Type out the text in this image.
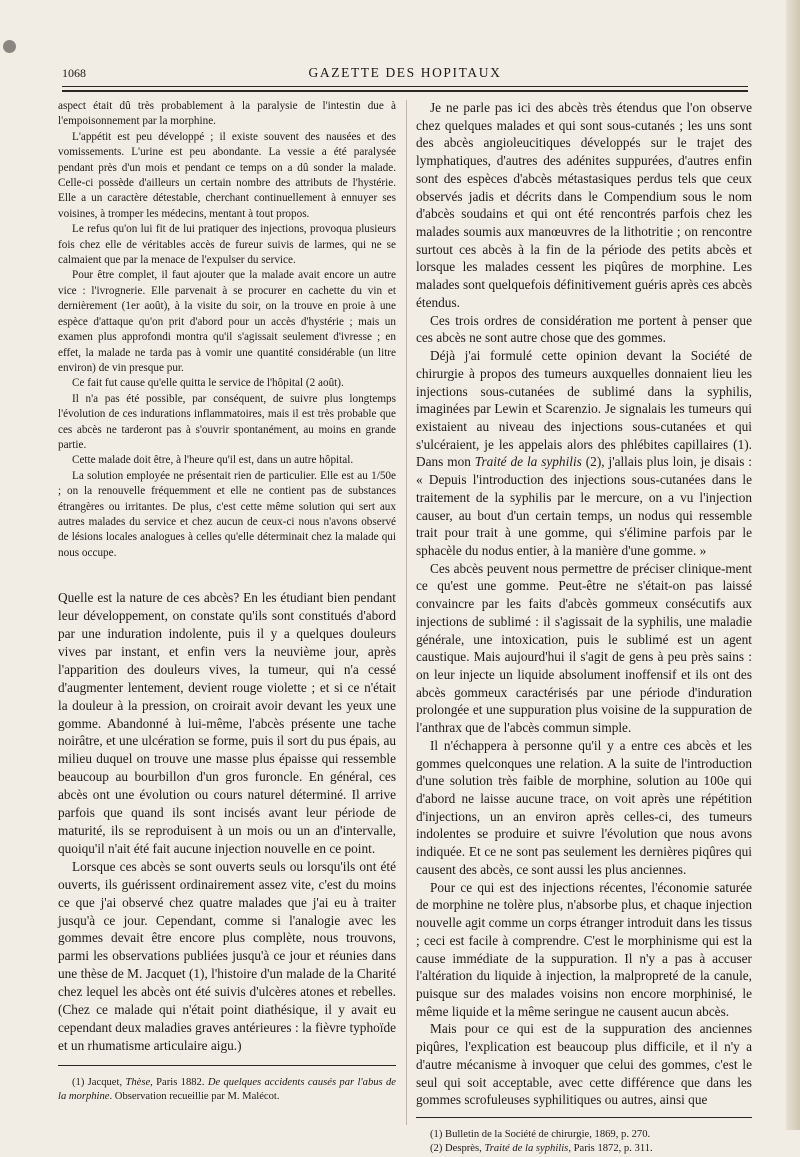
1068	GAZETTE DES HOPITAUX

aspect était dû très probablement à la paralysie de l'intestin due à l'empoisonnement par la morphine.

L'appétit est peu développé ; il existe souvent des nausées et des vomissements. L'urine est peu abondante. La vessie a été paralysée pendant près d'un mois et pendant ce temps on a dû sonder la malade. Celle-ci possède d'ailleurs un certain nombre des attributs de l'hystérie. Elle a un caractère détestable, cherchant continuellement à ennuyer ses voisines, à tromper les médecins, mentant à tout propos.

Le refus qu'on lui fit de lui pratiquer des injections, provoqua plusieurs fois chez elle de véritables accès de fureur suivis de larmes, qui ne se calmaient que par la menace de l'expulser du service.

Pour être complet, il faut ajouter que la malade avait encore un autre vice : l'ivrognerie. Elle parvenait à se procurer en cachette du vin et dernièrement (1er août), à la visite du soir, on la trouve en proie à une espèce d'attaque qu'on prit d'abord pour un accès d'hystérie ; mais un examen plus approfondi montra qu'il s'agissait seulement d'ivresse ; en effet, la malade ne tarda pas à vomir une quantité considérable (un litre environ) de vin presque pur.

Ce fait fut cause qu'elle quitta le service de l'hôpital (2 août).

Il n'a pas été possible, par conséquent, de suivre plus longtemps l'évolution de ces indurations inflammatoires, mais il est très probable que ces abcès ne tarderont pas à s'ouvrir spontanément, au moins en grande partie.

Cette malade doit être, à l'heure qu'il est, dans un autre hôpital.

La solution employée ne présentait rien de particulier. Elle est au 1/50e ; on la renouvelle fréquemment et elle ne contient pas de substances étrangères ou irritantes. De plus, c'est cette même solution qui sert aux autres malades du service et chez aucun de ceux-ci nous n'avons observé de lésions locales analogues à celles qu'elle déterminait chez la malade qui nous occupe.

Quelle est la nature de ces abcès? En les étudiant bien pendant leur développement, on constate qu'ils sont constitués d'abord par une induration indolente, puis il y a quelques douleurs vives par instant, et enfin vers la neuvième jour, après l'apparition des douleurs vives, la tumeur, qui n'a cessé d'augmenter lentement, devient rouge violette ; et si ce n'était la douleur à la pression, on croirait avoir devant les yeux une gomme. Abandonné à lui-même, l'abcès présente une tache noirâtre, et une ulcération se forme, puis il sort du pus épais, au milieu duquel on trouve une masse plus épaisse qui ressemble beaucoup au bourbillon d'un gros furoncle. En général, ces abcès ont une évolution ou cours naturel déterminé. Il arrive parfois que quand ils sont incisés avant leur période de maturité, ils se reproduisent à un mois ou un an d'intervalle, quoiqu'il n'ait été fait aucune injection nouvelle en ce point.

Lorsque ces abcès se sont ouverts seuls ou lorsqu'ils ont été ouverts, ils guérissent ordinairement assez vite, c'est du moins ce que j'ai observé chez quatre malades que j'ai eu à traiter jusqu'à ce jour. Cependant, comme si l'analogie avec les gommes devait être encore plus complète, nous trouvons, parmi les observations publiées jusqu'à ce jour et réunies dans une thèse de M. Jacquet (1), l'histoire d'un malade de la Charité chez lequel les abcès ont été suivis d'ulcères atones et rebelles. (Chez ce malade qui n'était point diathésique, il y avait eu cependant deux maladies graves antérieures : la fièvre typhoïde et un rhumatisme articulaire aigu.)

(1) Jacquet, Thèse, Paris 1882. De quelques accidents causés par l'abus de la morphine. Observation recueillie par M. Malécot.

Je ne parle pas ici des abcès très étendus que l'on observe chez quelques malades et qui sont sous-cutanés ; les uns sont des abcès angioleucitiques développés sur le trajet des lymphatiques, d'autres des adénites suppurées, d'autres enfin sont des espèces d'abcès métastasiques perdus tels que ceux observés jadis et décrits dans le Compendium sous le nom d'abcès soudains et qui ont été rencontrés parfois chez les malades soumis aux manœuvres de la lithotritie ; on rencontre surtout ces abcès à la fin de la période des petits abcès et lorsque les malades cessent les piqûres de morphine. Les malades sont quelquefois définitivement guéris après ces abcès étendus.

Ces trois ordres de considération me portent à penser que ces abcès ne sont autre chose que des gommes.

Déjà j'ai formulé cette opinion devant la Société de chirurgie à propos des tumeurs auxquelles donnaient lieu les injections sous-cutanées de sublimé dans la syphilis, imaginées par Lewin et Scarenzio. Je signalais les tumeurs qui existaient au niveau des injections sous-cutanées et qui s'ulcéraient, je les appelais alors des phlébites capillaires (1). Dans mon Traité de la syphilis (2), j'allais plus loin, je disais : « Depuis l'introduction des injections sous-cutanées dans le traitement de la syphilis par le mercure, on a vu l'injection causer, au bout d'un certain temps, un nodus qui ressemble trait pour trait à une gomme, qui s'élimine parfois par le sphacèle du nodus entier, à la manière d'une gomme. »

Ces abcès peuvent nous permettre de préciser clinique-ment ce qu'est une gomme. Peut-être ne s'était-on pas laissé convaincre par les faits d'abcès gommeux consécutifs aux injections de sublimé : il s'agissait de la syphilis, une maladie générale, une intoxication, puis le sublimé est un agent caustique. Mais aujourd'hui il s'agit de gens à peu près sains : on leur injecte un liquide absolument inoffensif et ils ont des abcès gommeux caractérisés par une période d'induration prolongée et une suppuration plus voisine de la suppuration de l'anthrax que de l'abcès commun simple.

Il n'échappera à personne qu'il y a entre ces abcès et les gommes quelconques une relation. A la suite de l'introduction d'une solution très faible de morphine, solution au 100e qui d'abord ne laisse aucune trace, on voit après une répétition d'injections, un an environ après celles-ci, des tumeurs indolentes se produire et suivre l'évolution que nous avons indiquée. Et ce ne sont pas seulement les dernières piqûres qui causent des abcès, ce sont aussi les plus anciennes.

Pour ce qui est des injections récentes, l'économie saturée de morphine ne tolère plus, n'absorbe plus, et chaque injection nouvelle agit comme un corps étranger introduit dans les tissus ; ceci est facile à comprendre. C'est le morphinisme qui est la cause immédiate de la suppuration. Il n'y a pas à accuser l'altération du liquide à injection, la malpropreté de la canule, puisque sur des malades voisins non encore morphinisé, le même liquide et la même seringue ne causent aucun abcès.

Mais pour ce qui est de la suppuration des anciennes piqûres, l'explication est beaucoup plus difficile, et il n'y a d'autre mécanisme à invoquer que celui des gommes, c'est le seul qui soit acceptable, avec cette différence que dans les gommes scrofuleuses syphilitiques ou autres, ainsi que

(1) Bulletin de la Société de chirurgie, 1869, p. 270.

(2) Desprès, Traité de la syphilis, Paris 1872, p. 311.
